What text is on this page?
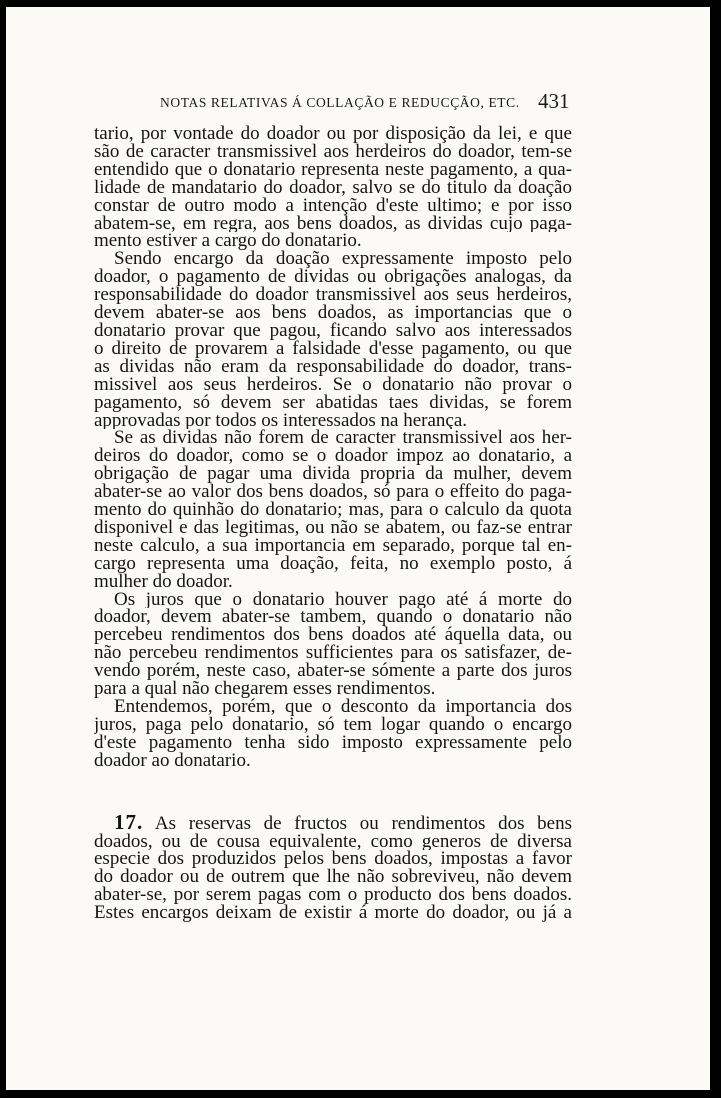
NOTAS RELATIVAS Á COLLAÇÃO E REDUCÇÃO, ETC. 431

tario, por vontade do doador ou por disposição da lei, e que
são de caracter transmissivel aos herdeiros do doador, tem-se
entendido que o donatario representa neste pagamento, a qua-
lidade de mandatario do doador, salvo se do titulo da doação
constar de outro modo a intenção d'este ultimo; e por isso
abatem-se, em regra, aos bens doados, as dividas cujo paga-
mento estiver a cargo do donatario.

Sendo encargo da doação expressamente imposto pelo
doador, o pagamento de dividas ou obrigações analogas, da
responsabilidade do doador transmissivel aos seus herdeiros,
devem abater-se aos bens doados, as importancias que o
donatario provar que pagou, ficando salvo aos interessados
o direito de provarem a falsidade d'esse pagamento, ou que
as dividas não eram da responsabilidade do doador, trans-
missivel aos seus herdeiros. Se o donatario não provar o
pagamento, só devem ser abatidas taes dividas, se forem
approvadas por todos os interessados na herança.

Se as dividas não forem de caracter transmissivel aos her-
deiros do doador, como se o doador impoz ao donatario, a
obrigação de pagar uma divida propria da mulher, devem
abater-se ao valor dos bens doados, só para o effeito do paga-
mento do quinhão do donatario; mas, para o calculo da quota
disponivel e das legitimas, ou não se abatem, ou faz-se entrar
neste calculo, a sua importancia em separado, porque tal en-
cargo representa uma doação, feita, no exemplo posto, á
mulher do doador.

Os juros que o donatario houver pago até á morte do
doador, devem abater-se tambem, quando o donatario não
percebeu rendimentos dos bens doados até áquella data, ou
não percebeu rendimentos sufficientes para os satisfazer, de-
vendo porém, neste caso, abater-se sómente a parte dos juros
para a qual não chegarem esses rendimentos.

Entendemos, porém, que o desconto da importancia dos
juros, paga pelo donatario, só tem logar quando o encargo
d'este pagamento tenha sido imposto expressamente pelo
doador ao donatario.

17. As reservas de fructos ou rendimentos dos bens
doados, ou de cousa equivalente, como generos de diversa
especie dos produzidos pelos bens doados, impostas a favor
do doador ou de outrem que lhe não sobreviveu, não devem
abater-se, por serem pagas com o producto dos bens doados.
Estes encargos deixam de existir á morte do doador, ou já a
